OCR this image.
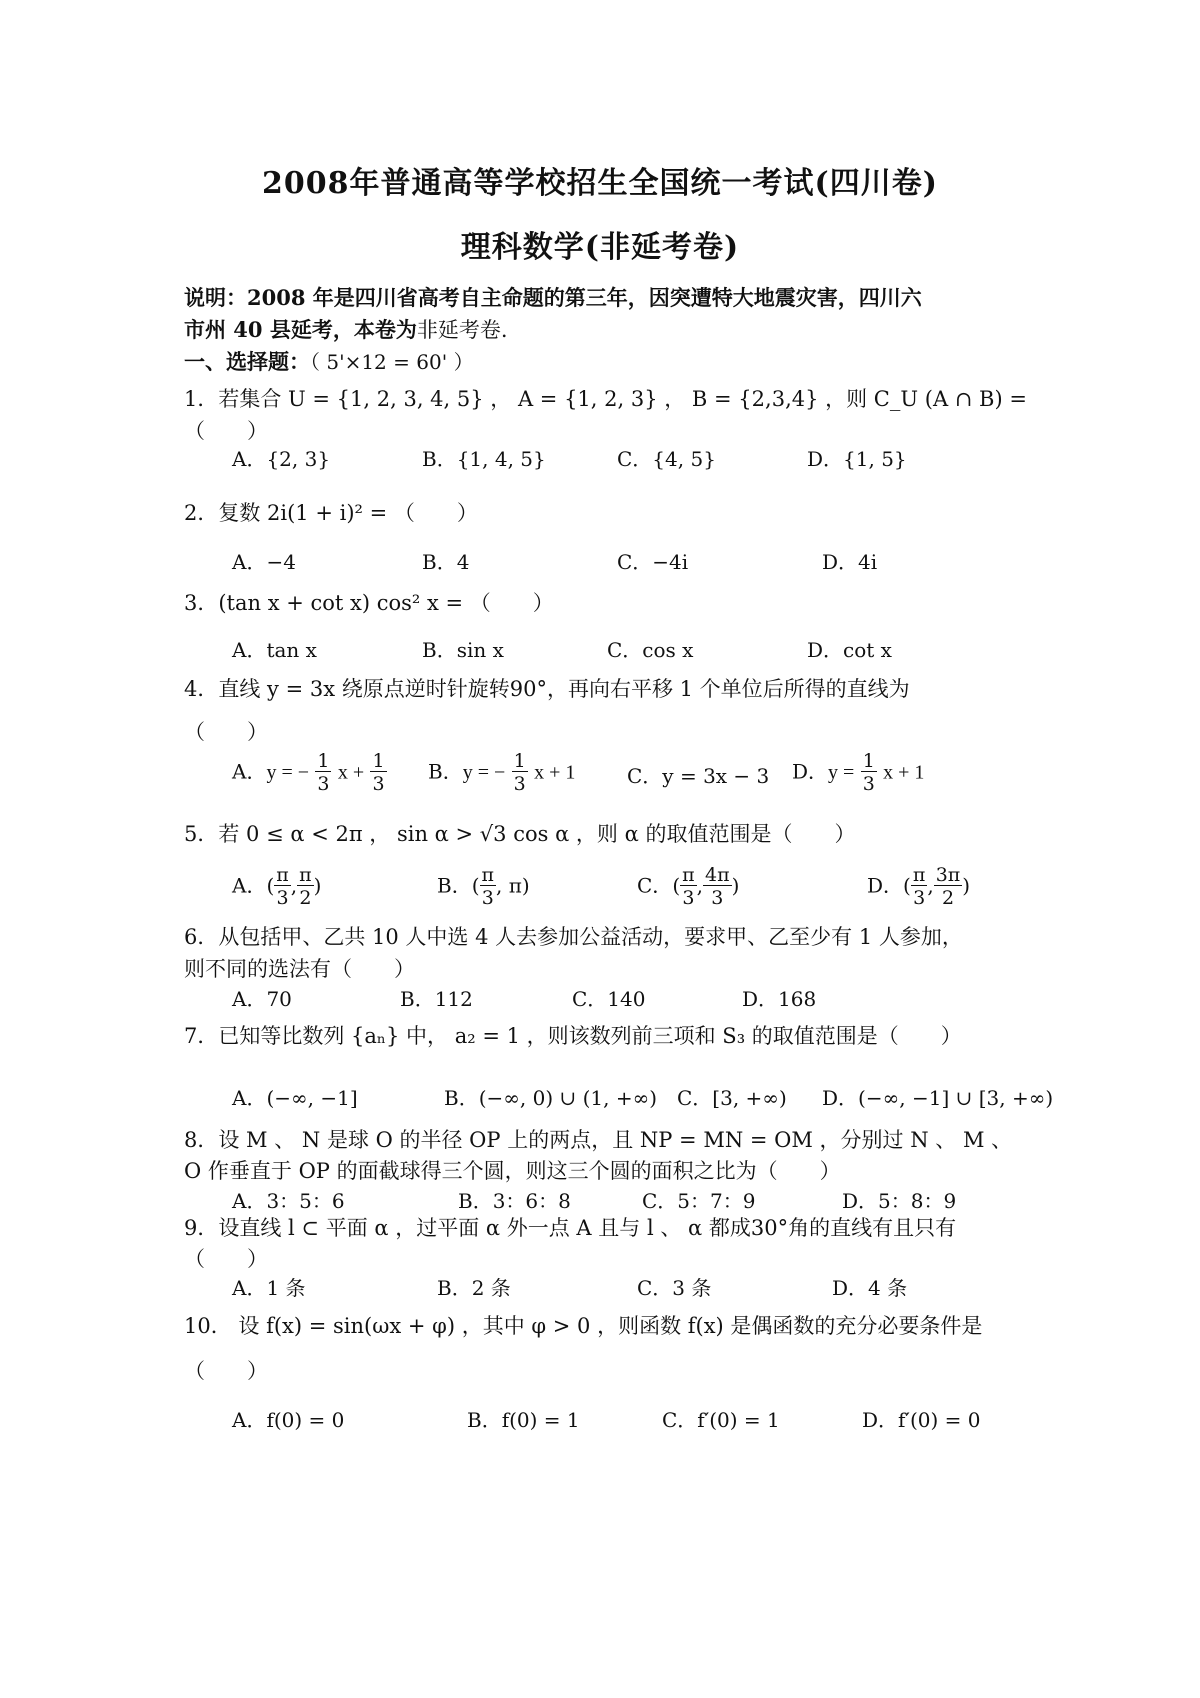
2008年普通高等学校招生全国统一考试(四川卷)
理科数学(非延考卷)
说明：2008 年是四川省高考自主命题的第三年，因突遭特大地震灾害，四川六
市州 40 县延考，本卷为非延考卷.
一、选择题：（ 5'×12 = 60' ）
1．若集合 U = {1, 2, 3, 4, 5} ， A = {1, 2, 3} ， B = {2,3,4} ，则 C_U (A ∩ B) = （　　）
A．{2, 3}	B．{1, 4, 5}	C．{4, 5}	D．{1, 5}
2．复数 2i(1 + i)² = （　　）
A．−4	B．4	C．−4i	D．4i
3．(tan x + cot x) cos² x = （　　）
A．tan x	B．sin x	C．cos x	D．cot x
4．直线 y = 3x 绕原点逆时针旋转90°，再向右平移 1 个单位后所得的直线为
（　　）
A．y = − $\frac{1}{3}$ $x + \frac{1}{3}$ B．y = − $\frac{1}{3}$ x + 1	C．y = 3x − 3 D．$y = \frac{1}{3}$ x + 1
5．若 0 ≤ α < 2π ， sin α > √3 cos α ，则 α 的取值范围是（　　）
A．( $\frac{\pi}{3}$ , $\frac{\pi}{2}$ )	B．( $\frac{\pi}{3}$ , π)	C．( $\frac{\pi}{3}$ , $\frac{4\pi}{3}$ )	D．( $\frac{\pi}{3}$ , $\frac{3\pi}{2}$ )
6．从包括甲、乙共 10 人中选 4 人去参加公益活动，要求甲、乙至少有 1 人参加，
则不同的选法有（　　）
A．70	B．112	C．140	D．168
7．已知等比数列 {aₙ} 中， a₂ = 1 ，则该数列前三项和 S₃ 的取值范围是（　　）
A．(−∞, −1]	B．(−∞, 0) ∪ (1, +∞) C．[3, +∞) D．(−∞, −1] ∪ [3, +∞)
8．设 M 、 N 是球 O 的半径 OP 上的两点，且 NP = MN = OM ，分别过 N 、 M 、
O 作垂直于 OP 的面截球得三个圆，则这三个圆的面积之比为（　　）
A．3：5：6	B．3：6：8	C．5：7：9	D．5：8：9
9．设直线 l ⊂ 平面 α ，过平面 α 外一点 A 且与 l 、 α 都成30°角的直线有且只有
（　　）
A．1 条	B．2 条	C．3 条	D．4 条
10． 设 f(x) = sin(ωx + φ) ，其中 φ > 0 ，则函数 f(x) 是偶函数的充分必要条件是
（　　）
A．f(0) = 0	B．f(0) = 1	C．f′(0) = 1	D．f′(0) = 0
